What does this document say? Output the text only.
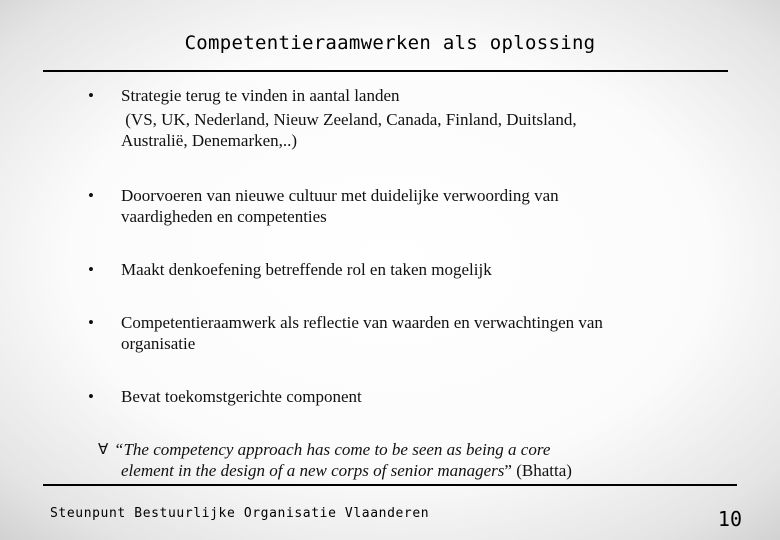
Competentieraamwerken als oplossing
• Strategie terug te vinden in aantal landen
(VS, UK, Nederland, Nieuw Zeeland, Canada, Finland, Duitsland,
Australië, Denemarken,..)
• Doorvoeren van nieuwe cultuur met duidelijke verwoording van
vaardigheden en competenties
• Maakt denkoefening betreffende rol en taken mogelijk
• Competentieraamwerk als reflectie van waarden en verwachtingen van
organisatie
• Bevat toekomstgerichte component
∀ “The competency approach has come to be seen as being a core
element in the design of a new corps of senior managers” (Bhatta)
Steunpunt Bestuurlijke Organisatie Vlaanderen	10
